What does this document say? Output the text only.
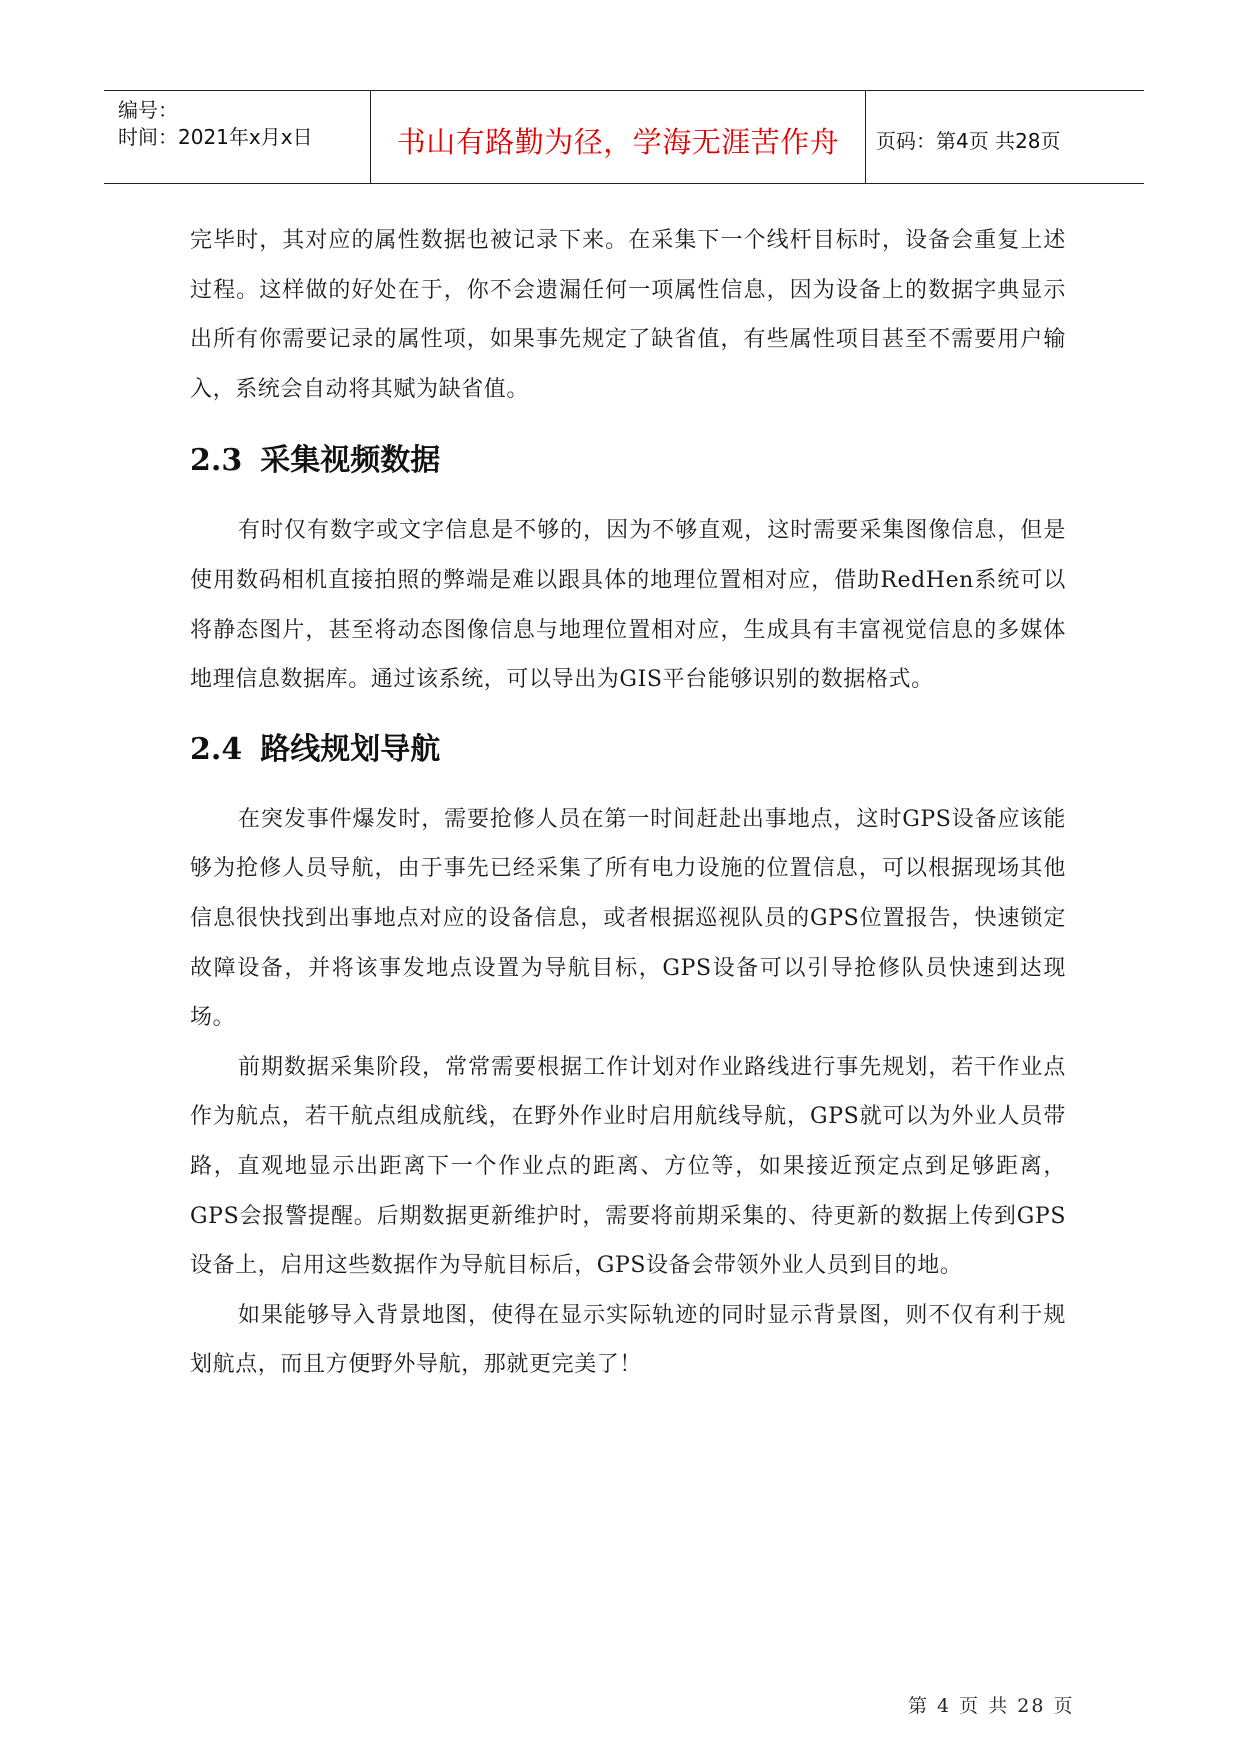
编号：
时间：2021年x月x日	书山有路勤为径，学海无涯苦作舟	页码：第4页 共28页

完毕时，其对应的属性数据也被记录下来。在采集下一个线杆目标时，设备会重复上述过程。这样做的好处在于，你不会遗漏任何一项属性信息，因为设备上的数据字典显示出所有你需要记录的属性项，如果事先规定了缺省值，有些属性项目甚至不需要用户输入，系统会自动将其赋为缺省值。

2.3 采集视频数据

有时仅有数字或文字信息是不够的，因为不够直观，这时需要采集图像信息，但是使用数码相机直接拍照的弊端是难以跟具体的地理位置相对应，借助RedHen系统可以将静态图片，甚至将动态图像信息与地理位置相对应，生成具有丰富视觉信息的多媒体地理信息数据库。通过该系统，可以导出为GIS平台能够识别的数据格式。

2.4 路线规划导航

在突发事件爆发时，需要抢修人员在第一时间赶赴出事地点，这时GPS设备应该能够为抢修人员导航，由于事先已经采集了所有电力设施的位置信息，可以根据现场其他信息很快找到出事地点对应的设备信息，或者根据巡视队员的GPS位置报告，快速锁定故障设备，并将该事发地点设置为导航目标，GPS设备可以引导抢修队员快速到达现场。

前期数据采集阶段，常常需要根据工作计划对作业路线进行事先规划，若干作业点作为航点，若干航点组成航线，在野外作业时启用航线导航，GPS就可以为外业人员带路，直观地显示出距离下一个作业点的距离、方位等，如果接近预定点到足够距离，GPS会报警提醒。后期数据更新维护时，需要将前期采集的、待更新的数据上传到GPS设备上，启用这些数据作为导航目标后，GPS设备会带领外业人员到目的地。

如果能够导入背景地图，使得在显示实际轨迹的同时显示背景图，则不仅有利于规划航点，而且方便野外导航，那就更完美了！

第 4 页 共 28 页
